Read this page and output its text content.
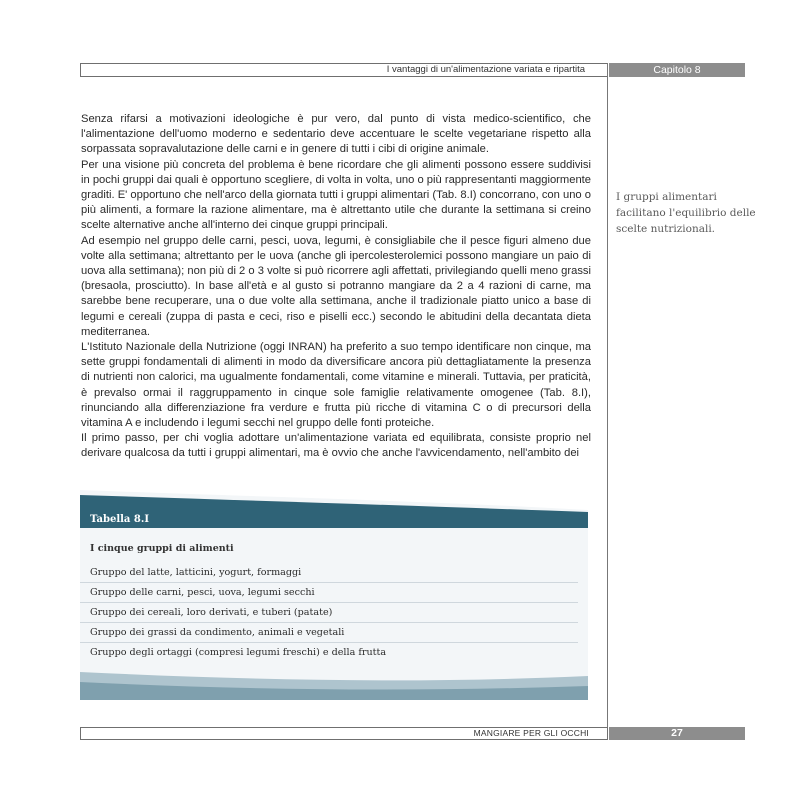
I vantaggi di un'alimentazione variata e ripartita	Capitolo 8

Senza rifarsi a motivazioni ideologiche è pur vero, dal punto di vista medico-scientifico, che l'alimentazione dell'uomo moderno e sedentario deve accentuare le scelte vegetariane rispetto alla sorpassata sopravalutazione delle carni e in genere di tutti i cibi di origine animale.

Per una visione più concreta del problema è bene ricordare che gli alimenti possono essere suddivisi in pochi gruppi dai quali è opportuno scegliere, di volta in volta, uno o più rappresentanti maggiormente graditi. E' opportuno che nell'arco della giornata tutti i gruppi alimentari (Tab. 8.I) concorrano, con uno o più alimenti, a formare la razione alimentare, ma è altrettanto utile che durante la settimana si creino scelte alternative anche all'interno dei cinque gruppi principali.

Ad esempio nel gruppo delle carni, pesci, uova, legumi, è consigliabile che il pesce figuri almeno due volte alla settimana; altrettanto per le uova (anche gli ipercolesterolemici possono mangiare un paio di uova alla settimana); non più di 2 o 3 volte si può ricorrere agli affettati, privilegiando quelli meno grassi (bresaola, prosciutto). In base all'età e al gusto si potranno mangiare da 2 a 4 razioni di carne, ma sarebbe bene recuperare, una o due volte alla settimana, anche il tradizionale piatto unico a base di legumi e cereali (zuppa di pasta e ceci, riso e piselli ecc.) secondo le abitudini della decantata dieta mediterranea.

L'Istituto Nazionale della Nutrizione (oggi INRAN) ha preferito a suo tempo identificare non cinque, ma sette gruppi fondamentali di alimenti in modo da diversificare ancora più dettagliatamente la presenza di nutrienti non calorici, ma ugualmente fondamentali, come vitamine e minerali. Tuttavia, per praticità, è prevalso ormai il raggruppamento in cinque sole famiglie relativamente omogenee (Tab. 8.I), rinunciando alla differenziazione fra verdure e frutta più ricche di vitamina C o di precursori della vitamina A e includendo i legumi secchi nel gruppo delle fonti proteiche.

Il primo passo, per chi voglia adottare un'alimentazione variata ed equilibrata, consiste proprio nel derivare qualcosa da tutti i gruppi alimentari, ma è ovvio che anche l'avvicendamento, nell'ambito dei

I gruppi alimentari facilitano l'equilibrio delle scelte nutrizionali.
Tabella 8.I
I cinque gruppi di alimenti
Gruppo del latte, latticini, yogurt, formaggi
Gruppo delle carni, pesci, uova, legumi secchi
Gruppo dei cereali, loro derivati, e tuberi (patate)
Gruppo dei grassi da condimento, animali e vegetali
Gruppo degli ortaggi (compresi legumi freschi) e della frutta
MANGIARE PER GLI OCCHI	27
